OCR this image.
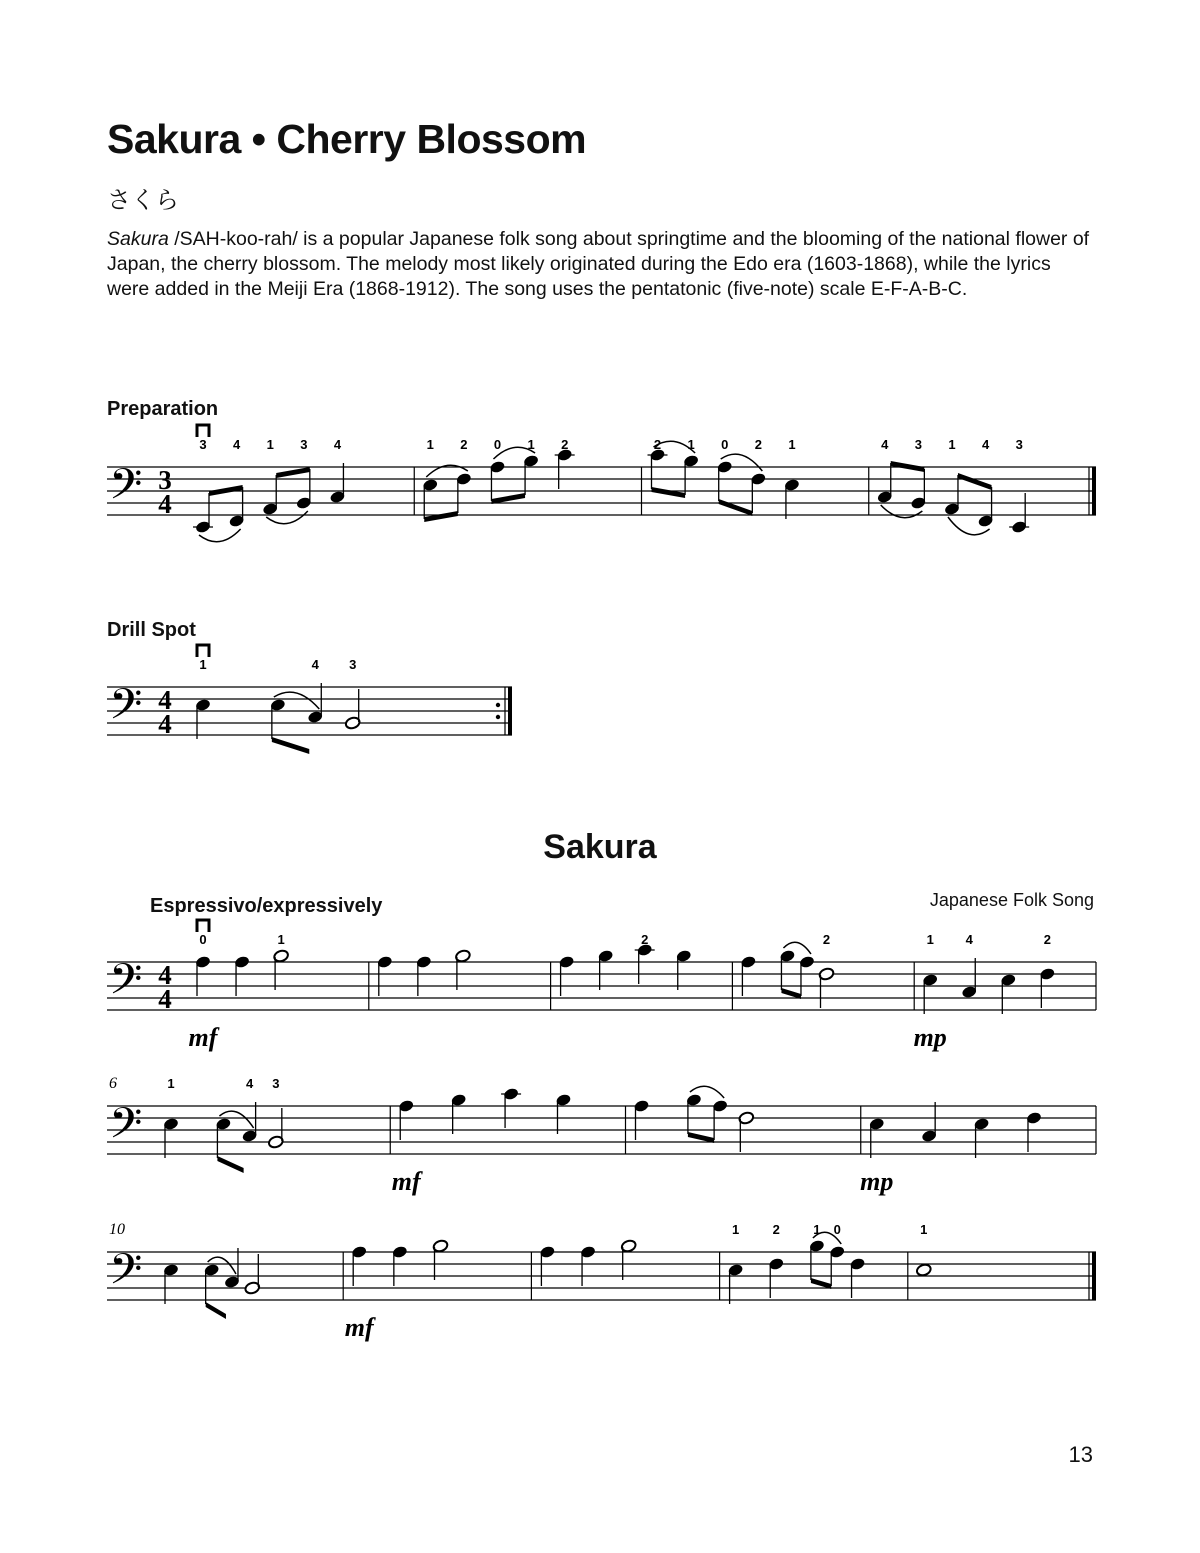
Sakura • Cherry Blossom
さくら

Sakura /SAH-koo-rah/ is a popular Japanese folk song about springtime and the blooming of the national flower of Japan, the cherry blossom. The melody most likely originated during the Edo era (1603-1868), while the lyrics were added in the Meiji Era (1868-1912). The song uses the pentatonic (five-note) scale E-F-A-B-C.

Preparation
𝄢 3
4
3 4 1 3 4	1 2 0 1 2	2 1 0 2 1	4 3 1 4 3
Drill Spot
𝄢 4
4
1	4 3
Sakura
Espressivo/expressively	Japanese Folk Song
𝄢 4
4
0	1	2	2	1 4	2
mf	mp
𝄢
6	1	4 3
mf	mp
𝄢
10	1	2	1 0	1
mf
13
